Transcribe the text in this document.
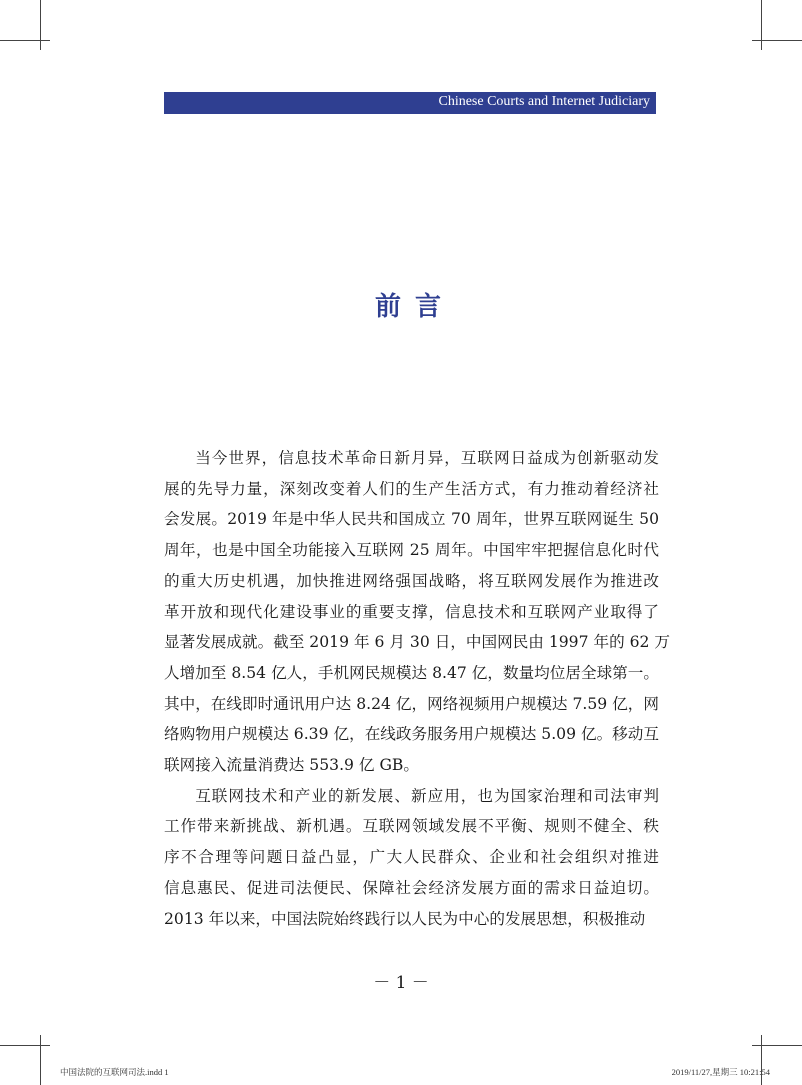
Chinese Courts and Internet Judiciary
前言

当今世界，信息技术革命日新月异，互联网日益成为创新驱动发
展的先导力量，深刻改变着人们的生产生活方式，有力推动着经济社
会发展。2019 年是中华人民共和国成立 70 周年，世界互联网诞生 50
周年，也是中国全功能接入互联网 25 周年。中国牢牢把握信息化时代
的重大历史机遇，加快推进网络强国战略，将互联网发展作为推进改
革开放和现代化建设事业的重要支撑，信息技术和互联网产业取得了
显著发展成就。截至 2019 年 6 月 30 日，中国网民由 1997 年的 62 万
人增加至 8.54 亿人，手机网民规模达 8.47 亿，数量均位居全球第一。
其中，在线即时通讯用户达 8.24 亿，网络视频用户规模达 7.59 亿，网
络购物用户规模达 6.39 亿，在线政务服务用户规模达 5.09 亿。移动互
联网接入流量消费达 553.9 亿 GB。

互联网技术和产业的新发展、新应用，也为国家治理和司法审判
工作带来新挑战、新机遇。互联网领域发展不平衡、规则不健全、秩
序不合理等问题日益凸显，广大人民群众、企业和社会组织对推进
信息惠民、促进司法便民、保障社会经济发展方面的需求日益迫切。
2013 年以来，中国法院始终践行以人民为中心的发展思想，积极推动

－ 1 －
中国法院的互联网司法.indd 1	2019/11/27,星期三 10:21:54
